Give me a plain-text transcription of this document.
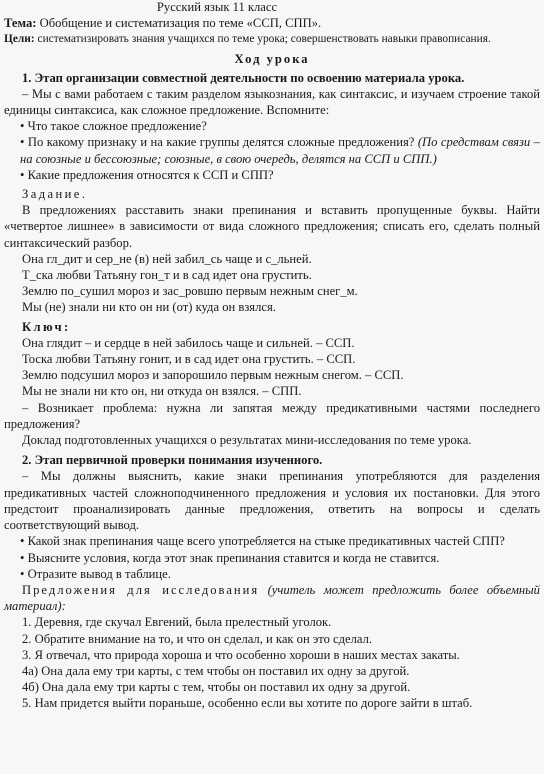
Русский язык 11 класс

Тема: Обобщение и систематизация по теме «ССП, СПП».

Цели: систематизировать знания учащихся по теме урока; совершенствовать навыки правописания.

Ход урока

1. Этап организации совместной деятельности по освоению материала урока.

– Мы с вами работаем с таким разделом языкознания, как синтаксис, и изучаем строение такой единицы синтаксиса, как сложное предложение. Вспомните:

• Что такое сложное предложение?

• По какому признаку и на какие группы делятся сложные предложения? (По средствам связи – на союзные и бессоюзные; союзные, в свою очередь, делятся на ССП и СПП.)

• Какие предложения относятся к ССП и СПП?

Задание.

В предложениях расставить знаки препинания и вставить пропущенные буквы. Найти «четвертое лишнее» в зависимости от вида сложного предложения; списать его, сделать полный синтаксический разбор.

Она гл_дит и сер_не (в) ней забил_сь чаще и с_льней.

Т_ска любви Татьяну гон_т и в сад идет она грустить.

Землю по_сушил мороз и зас_ровшю первым нежным снег_м.

Мы (не) знали ни кто он ни (от) куда он взялся.

Ключ:

Она глядит – и сердце в ней забилось чаще и сильней. – ССП.

Тоска любви Татьяну гонит, и в сад идет она грустить. – ССП.

Землю подсушил мороз и запорошило первым нежным снегом. – ССП.

Мы не знали ни кто он, ни откуда он взялся. – СПП.

– Возникает проблема: нужна ли запятая между предикативными частями последнего предложения?

Доклад подготовленных учащихся о результатах мини-исследования по теме урока.

2. Этап первичной проверки понимания изученного.

– Мы должны выяснить, какие знаки препинания употребляются для разделения предикативных частей сложноподчиненного предложения и условия их постановки. Для этого предстоит проанализировать данные предложения, ответить на вопросы и сделать соответствующий вывод.

• Какой знак препинания чаще всего употребляется на стыке предикативных частей СПП?

• Выясните условия, когда этот знак препинания ставится и когда не ставится.

• Отразите вывод в таблице.

Предложения для исследования (учитель может предложить более объемный материал):

1. Деревня, где скучал Евгений, была прелестный уголок.

2. Обратите внимание на то, и что он сделал, и как он это сделал.

3. Я отвечал, что природа хороша и что особенно хороши в наших местах закаты.

4а) Она дала ему три карты, с тем чтобы он поставил их одну за другой.

4б) Она дала ему три карты с тем, чтобы он поставил их одну за другой.

5. Нам придется выйти пораньше, особенно если вы хотите по дороге зайти в штаб.
